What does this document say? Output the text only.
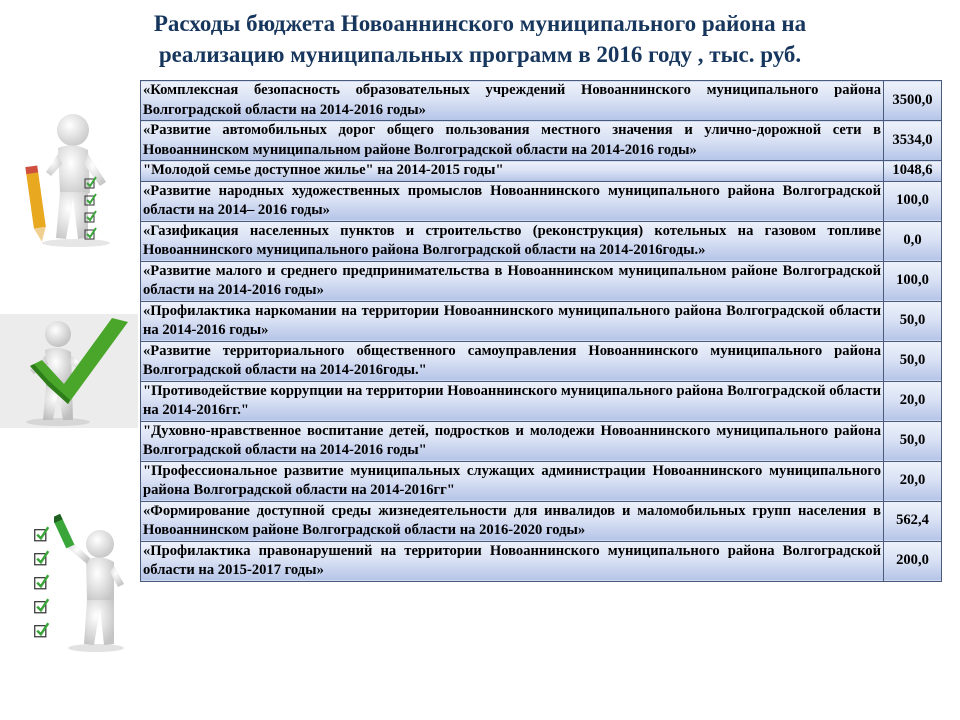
Расходы бюджета Новоаннинского муниципального района на
реализацию муниципальных программ в 2016 году , тыс. руб.
«Комплексная безопасность образовательных учреждений Новоаннинского муниципального района Волгоградской области на 2014-2016 годы»	3500,0
«Развитие автомобильных дорог общего пользования местного значения и улично-дорожной сети в Новоаннинском муниципальном районе Волгоградской области на 2014-2016 годы»	3534,0
"Молодой семье доступное жилье" на 2014-2015 годы"	1048,6
«Развитие народных художественных промыслов Новоаннинского муниципального района Волгоградской области на 2014– 2016 годы»	100,0
«Газификация населенных пунктов и строительство (реконструкция) котельных на газовом топливе Новоаннинского муниципального района Волгоградской области на 2014-2016годы.»	0,0
«Развитие малого и среднего предпринимательства в Новоаннинском муниципальном районе Волгоградской области на 2014-2016 годы»	100,0
«Профилактика наркомании на территории Новоаннинского муниципального района Волгоградской области на 2014-2016 годы»	50,0
«Развитие территориального общественного самоуправления Новоаннинского муниципального района Волгоградской области на 2014-2016годы."	50,0
"Противодействие коррупции на территории Новоаннинского муниципального района Волгоградской области на 2014-2016гг."	20,0
"Духовно-нравственное воспитание детей, подростков и молодежи Новоаннинского муниципального района Волгоградской области на 2014-2016 годы"	50,0
"Профессиональное развитие муниципальных служащих администрации Новоаннинского муниципального района Волгоградской области на 2014-2016гг"	20,0
«Формирование доступной среды жизнедеятельности для инвалидов и маломобильных групп населения в Новоаннинском районе Волгоградской области на 2016-2020 годы»	562,4
«Профилактика правонарушений на территории Новоаннинского муниципального района Волгоградской области на 2015-2017 годы»	200,0
